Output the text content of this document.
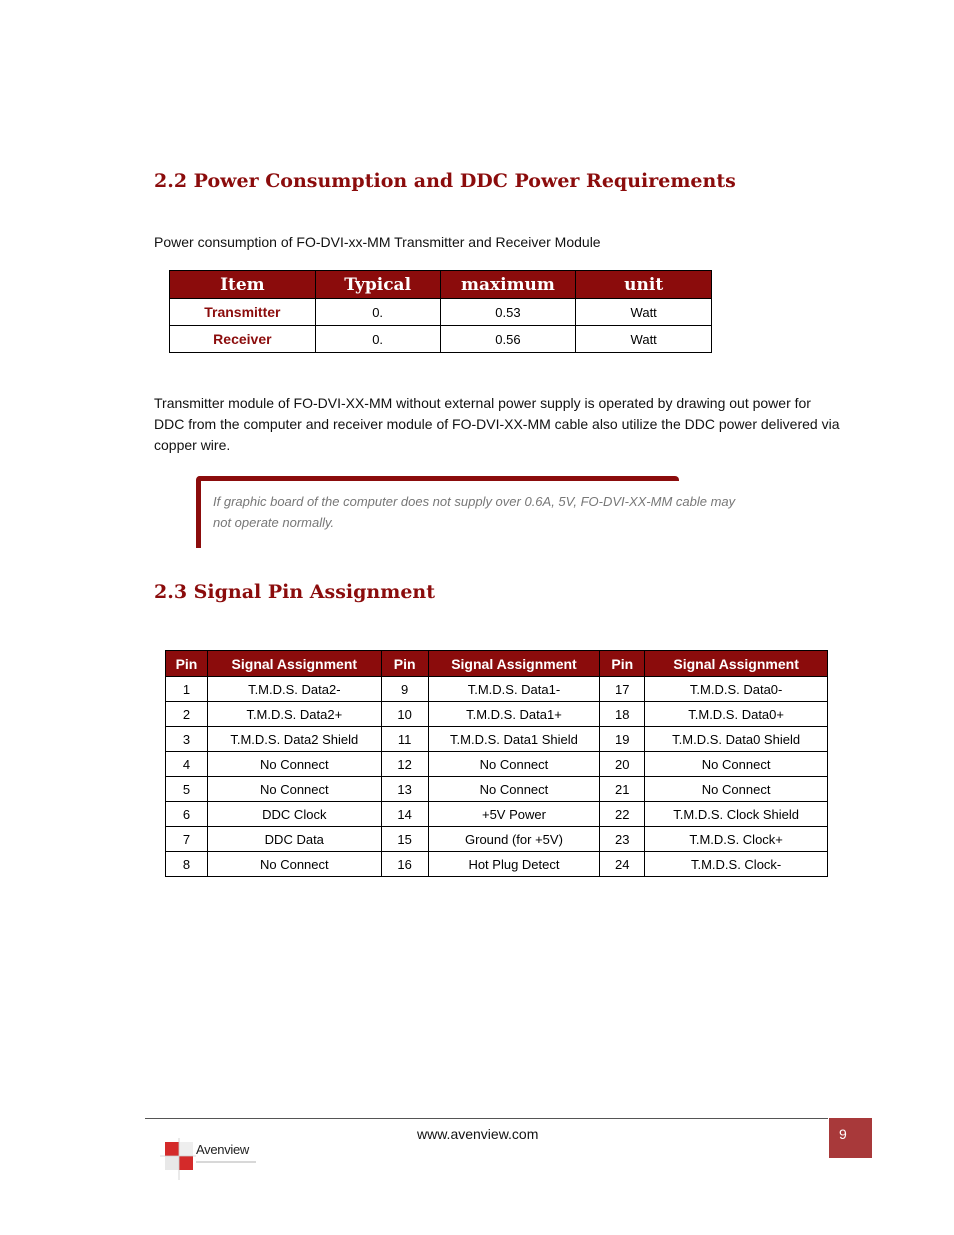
2.2 Power Consumption and DDC Power Requirements

Power consumption of FO-DVI-xx-MM Transmitter and Receiver Module

Item	Typical	maximum	unit
Transmitter	0.	0.53	Watt
Receiver	0.	0.56	Watt

Transmitter module of FO-DVI-XX-MM without external power supply is operated by drawing out power for
DDC from the computer and receiver module of FO-DVI-XX-MM cable also utilize the DDC power delivered via
copper wire.

If graphic board of the computer does not supply over 0.6A, 5V, FO-DVI-XX-MM cable may
not operate normally.

2.3 Signal Pin Assignment
Pin	Signal Assignment	Pin	Signal Assignment	Pin	Signal Assignment
1	T.M.D.S. Data2-	9	T.M.D.S. Data1-	17	T.M.D.S. Data0-
2	T.M.D.S. Data2+	10	T.M.D.S. Data1+	18	T.M.D.S. Data0+
3	T.M.D.S. Data2 Shield	11	T.M.D.S. Data1 Shield	19	T.M.D.S. Data0 Shield
4	No Connect	12	No Connect	20	No Connect
5	No Connect	13	No Connect	21	No Connect
6	DDC Clock	14	+5V Power	22	T.M.D.S. Clock Shield
7	DDC Data	15	Ground (for +5V)	23	T.M.D.S. Clock+
8	No Connect	16	Hot Plug Detect	24	T.M.D.S. Clock-
www.avenview.com	9
Avenview
